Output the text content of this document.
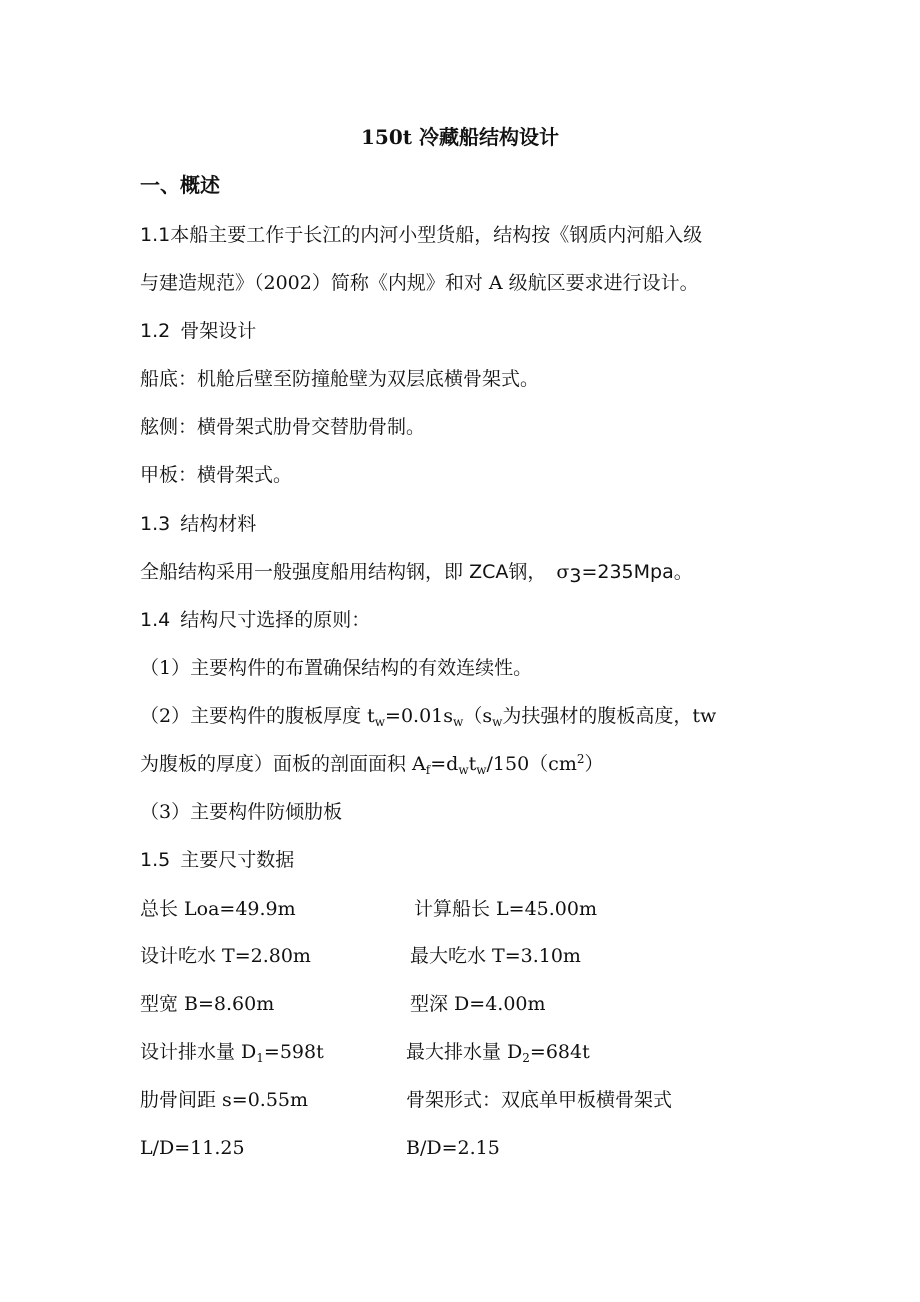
150t 冷藏船结构设计
一、概述
1.1本船主要工作于长江的内河小型货船，结构按《钢质内河船入级
与建造规范》（2002）简称《内规》和对 A 级航区要求进行设计。
1.2 骨架设计
船底：机舱后壁至防撞舱壁为双层底横骨架式。
舷侧：横骨架式肋骨交替肋骨制。
甲板：横骨架式。
1.3 结构材料
全船结构采用一般强度船用结构钢，即 ZCA钢， $\sigma_3=235Mpa$。
1.4 结构尺寸选择的原则：
（1）主要构件的布置确保结构的有效连续性。
（2）主要构件的腹板厚度 $t_w=0.01s_w(s_w$为扶强材的腹板高度，tw
为腹板的厚度）面板的剖面面积 $A_f=d_wt_w/150(cm^2)$
（3）主要构件防倾肋板
1.5 主要尺寸数据
总长 Loa=49.9m	计算船长 L=45.00m
设计吃水 T=2.80m	最大吃水 T=3.10m
型宽 B=8.60m	型深 D=4.00m
设计排水量 $D_1=598t$	最大排水量 $D_2=684t$
肋骨间距 s=0.55m	骨架形式：双底单甲板横骨架式
L/D=11.25	B/D=2.15
